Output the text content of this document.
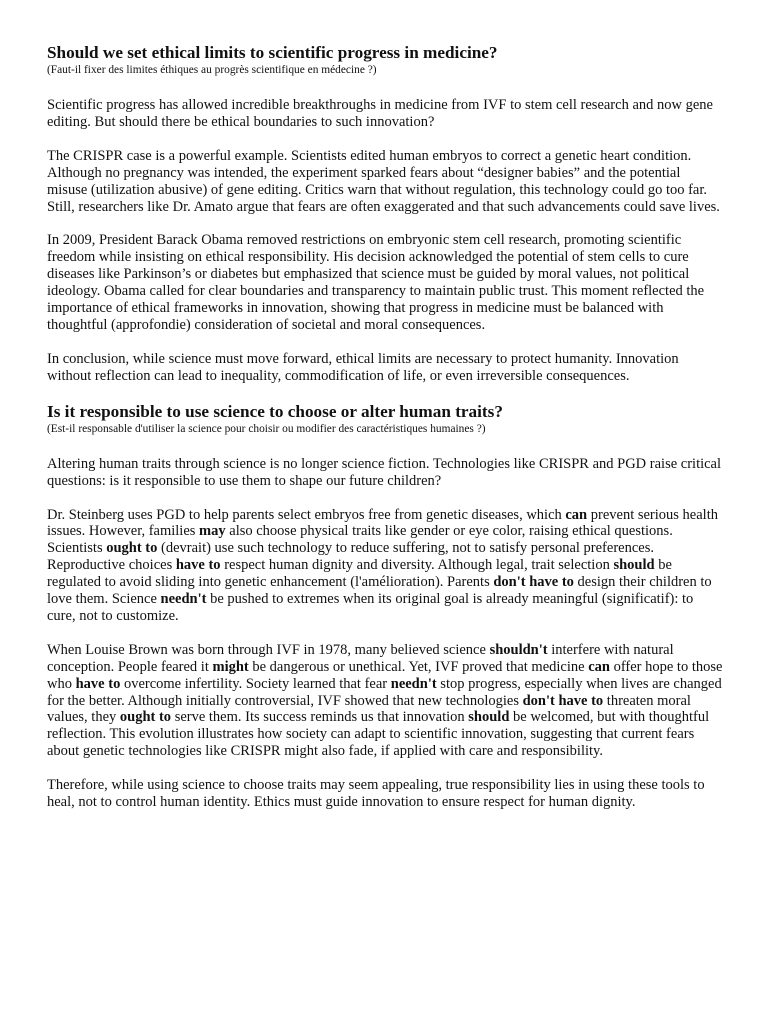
Should we set ethical limits to scientific progress in medicine?

(Faut-il fixer des limites éthiques au progrès scientifique en médecine ?)

Scientific progress has allowed incredible breakthroughs in medicine from IVF to stem cell research and now gene editing. But should there be ethical boundaries to such innovation?

The CRISPR case is a powerful example. Scientists edited human embryos to correct a genetic heart condition. Although no pregnancy was intended, the experiment sparked fears about “designer babies” and the potential misuse (utilization abusive) of gene editing. Critics warn that without regulation, this technology could go too far. Still, researchers like Dr. Amato argue that fears are often exaggerated and that such advancements could save lives.

In 2009, President Barack Obama removed restrictions on embryonic stem cell research, promoting scientific freedom while insisting on ethical responsibility. His decision acknowledged the potential of stem cells to cure diseases like Parkinson’s or diabetes but emphasized that science must be guided by moral values, not political ideology. Obama called for clear boundaries and transparency to maintain public trust. This moment reflected the importance of ethical frameworks in innovation, showing that progress in medicine must be balanced with thoughtful (approfondie) consideration of societal and moral consequences.

In conclusion, while science must move forward, ethical limits are necessary to protect humanity. Innovation without reflection can lead to inequality, commodification of life, or even irreversible consequences.

Is it responsible to use science to choose or alter human traits?

(Est-il responsable d'utiliser la science pour choisir ou modifier des caractéristiques humaines ?)

Altering human traits through science is no longer science fiction. Technologies like CRISPR and PGD raise critical questions: is it responsible to use them to shape our future children?

Dr. Steinberg uses PGD to help parents select embryos free from genetic diseases, which can prevent serious health issues. However, families may also choose physical traits like gender or eye color, raising ethical questions. Scientists ought to (devrait) use such technology to reduce suffering, not to satisfy personal preferences. Reproductive choices have to respect human dignity and diversity. Although legal, trait selection should be regulated to avoid sliding into genetic enhancement (l'amélioration). Parents don't have to design their children to love them. Science needn't be pushed to extremes when its original goal is already meaningful (significatif): to cure, not to customize.

When Louise Brown was born through IVF in 1978, many believed science shouldn't interfere with natural conception. People feared it might be dangerous or unethical. Yet, IVF proved that medicine can offer hope to those who have to overcome infertility. Society learned that fear needn't stop progress, especially when lives are changed for the better. Although initially controversial, IVF showed that new technologies don't have to threaten moral values, they ought to serve them. Its success reminds us that innovation should be welcomed, but with thoughtful reflection. This evolution illustrates how society can adapt to scientific innovation, suggesting that current fears about genetic technologies like CRISPR might also fade, if applied with care and responsibility.

Therefore, while using science to choose traits may seem appealing, true responsibility lies in using these tools to heal, not to control human identity. Ethics must guide innovation to ensure respect for human dignity.
